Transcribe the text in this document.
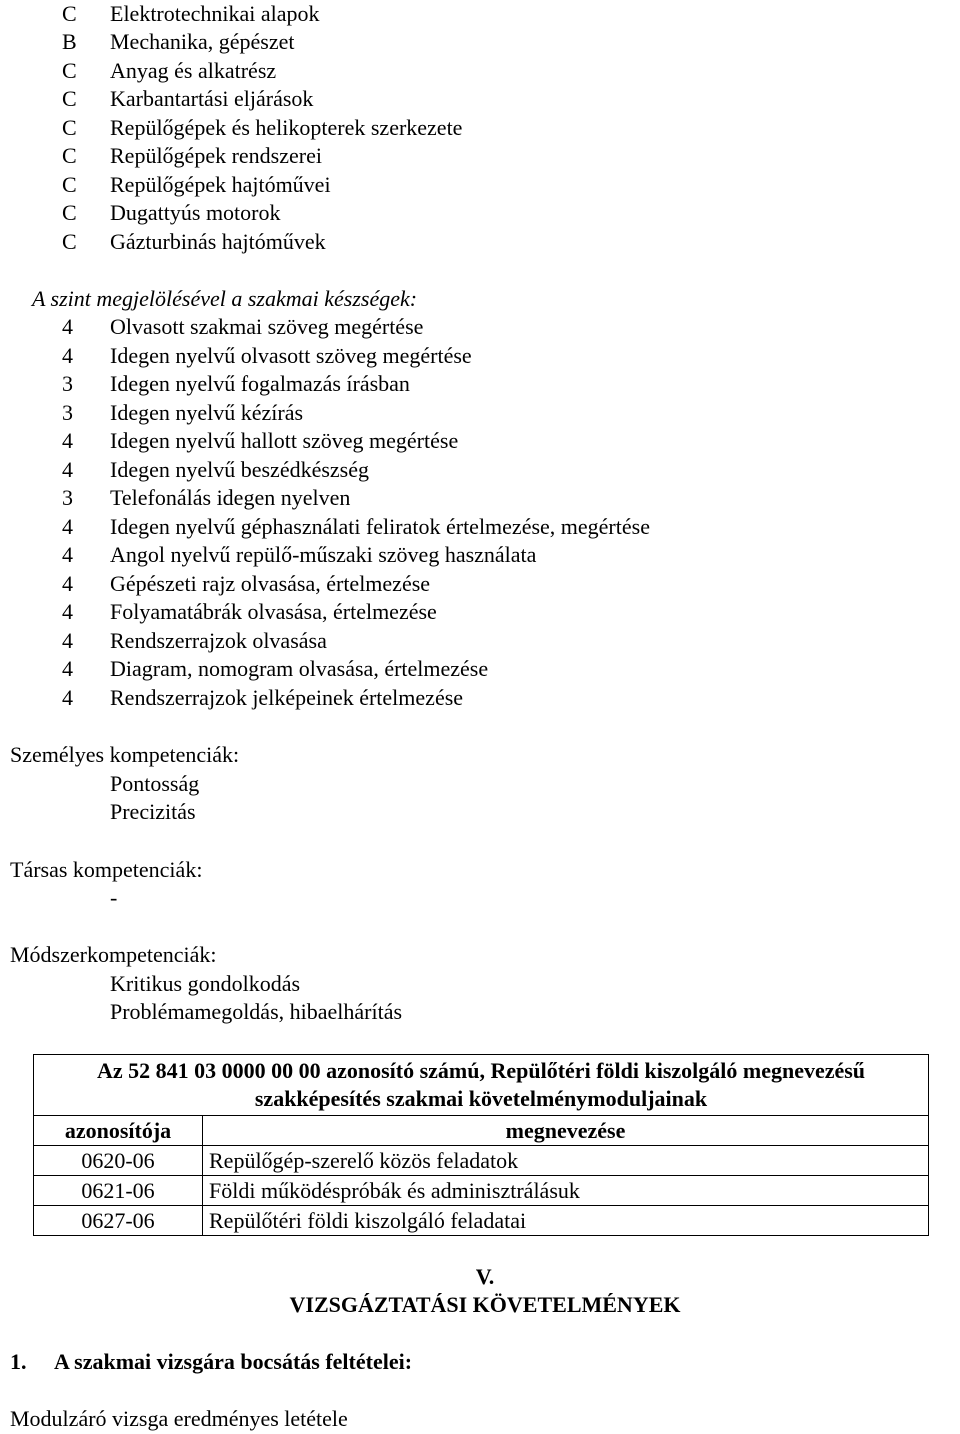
C Elektrotechnikai alapok
B Mechanika, gépészet
C Anyag és alkatrész
C Karbantartási eljárások
C Repülőgépek és helikopterek szerkezete
C Repülőgépek rendszerei
C Repülőgépek hajtóművei
C Dugattyús motorok
C Gázturbinás hajtóművek
A szint megjelölésével a szakmai készségek:
4	Olvasott szakmai szöveg megértése
4	Idegen nyelvű olvasott szöveg megértése
3	Idegen nyelvű fogalmazás írásban
3	Idegen nyelvű kézírás
4	Idegen nyelvű hallott szöveg megértése
4	Idegen nyelvű beszédkészség
3	Telefonálás idegen nyelven
4	Idegen nyelvű géphasználati feliratok értelmezése, megértése
4	Angol nyelvű repülő-műszaki szöveg használata
4	Gépészeti rajz olvasása, értelmezése
4	Folyamatábrák olvasása, értelmezése
4	Rendszerrajzok olvasása
4	Diagram, nomogram olvasása, értelmezése
4	Rendszerrajzok jelképeinek értelmezése
Személyes kompetenciák:
Pontosság
Precizitás
Társas kompetenciák:
-
Módszerkompetenciák:
Kritikus gondolkodás
Problémamegoldás, hibaelhárítás
Az 52 841 03 0000 00 00 azonosító számú, Repülőtéri földi kiszolgáló megnevezésű
szakképesítés szakmai követelménymoduljainak	
azonosítója	megnevezése
0620-06	Repülőgép-szerelő közös feladatok
0621-06	Földi működéspróbák és adminisztrálásuk
0627-06	Repülőtéri földi kiszolgáló feladatai
V.
VIZSGÁZTATÁSI KÖVETELMÉNYEK
1. A szakmai vizsgára bocsátás feltételei:
Modulzáró vizsga eredményes letétele
